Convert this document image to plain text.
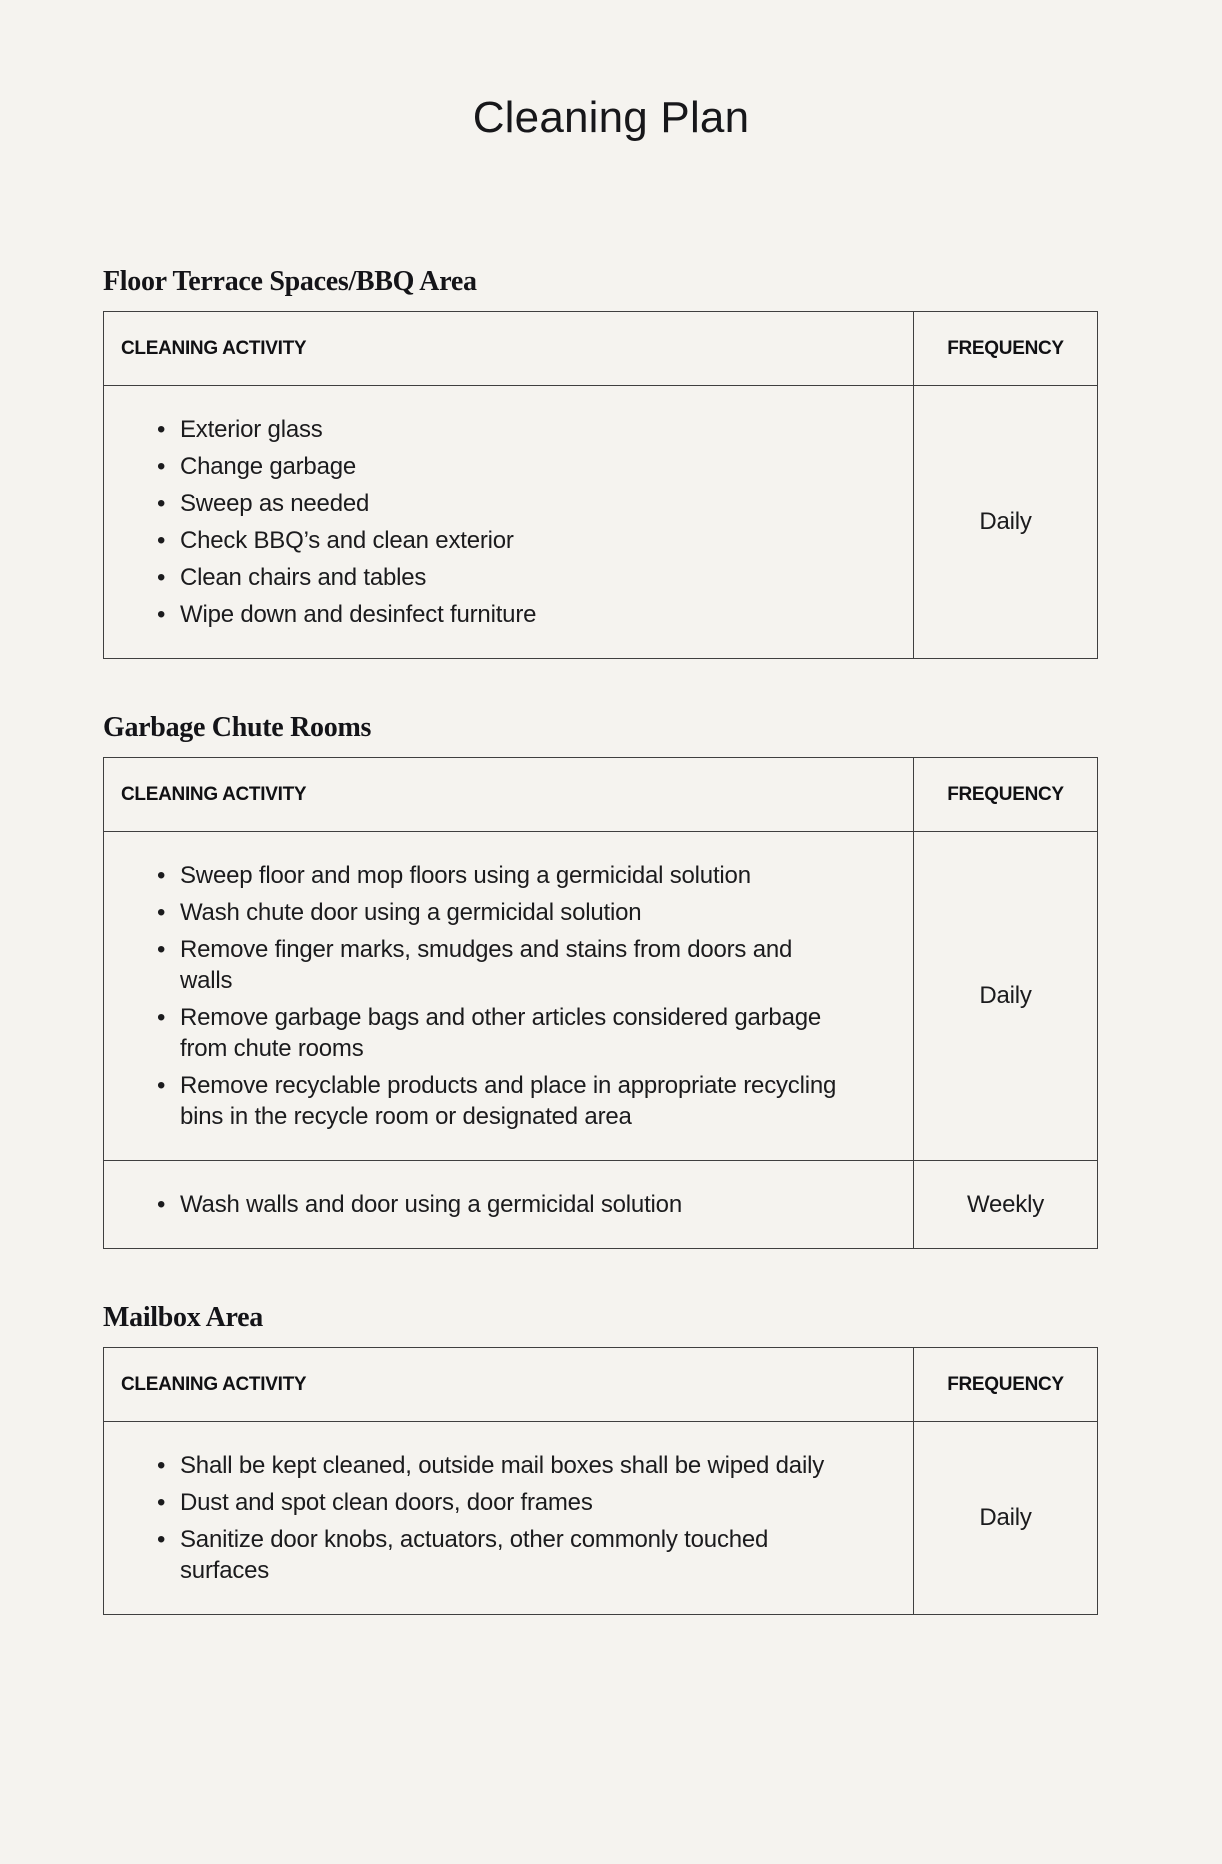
Cleaning Plan
Floor Terrace Spaces/BBQ Area
CLEANING ACTIVITY	FREQUENCY

• Exterior glass
• Change garbage
• Sweep as needed
• Check BBQ’s and clean exterior
• Clean chairs and tables
• Wipe down and desinfect furniture
	Daily
Garbage Chute Rooms
CLEANING ACTIVITY	FREQUENCY

• Sweep floor and mop floors using a germicidal solution
• Wash chute door using a germicidal solution
• Remove finger marks, smudges and stains from doors and walls
• Remove garbage bags and other articles considered garbage from chute rooms
• Remove recyclable products and place in appropriate recycling bins in the recycle room or designated area
	Daily

• Wash walls and door using a germicidal solution	Weekly
Mailbox Area
CLEANING ACTIVITY	FREQUENCY

• Shall be kept cleaned, outside mail boxes shall be wiped daily
• Dust and spot clean doors, door frames
• Sanitize door knobs, actuators, other commonly touched surfaces
	Daily
